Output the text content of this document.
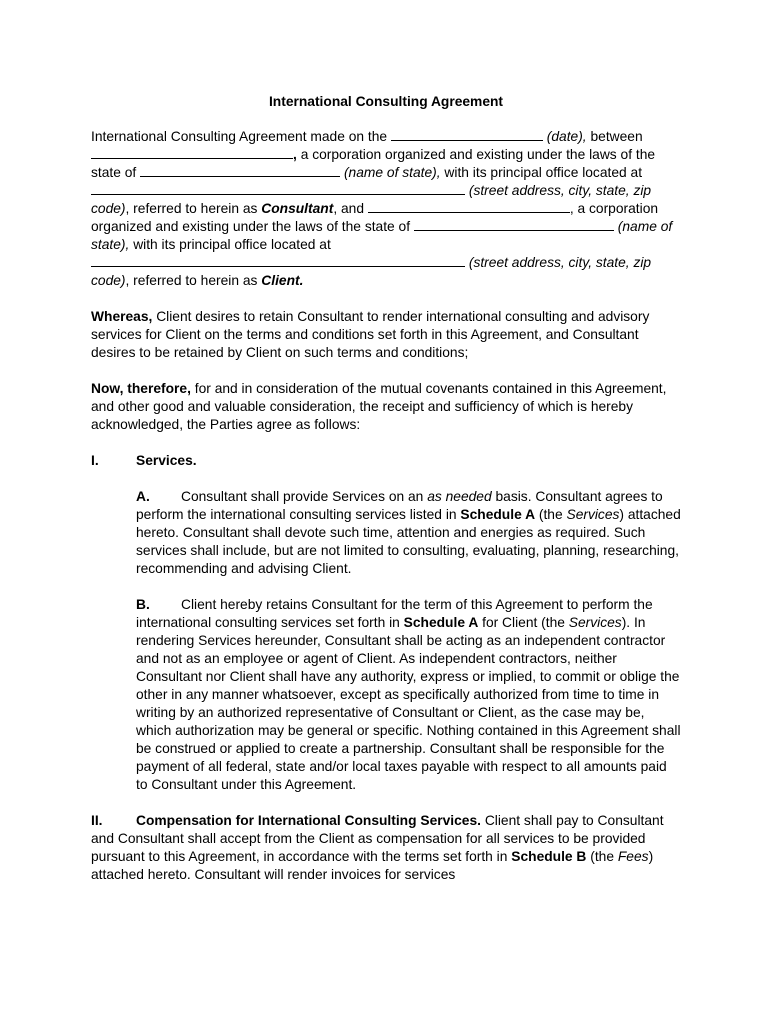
International Consulting Agreement

International Consulting Agreement made on the	(date), between , a corporation organized and existing under the laws of the state of	(name of state), with its principal office located at  (street address, city, state, zip code), referred to herein as Consultant, and	, a corporation organized and existing under the laws of the state of	(name of state), with its principal office located at  (street address, city, state, zip code), referred to herein as Client.

Whereas, Client desires to retain Consultant to render international consulting and advisory services for Client on the terms and conditions set forth in this Agreement, and Consultant desires to be retained by Client on such terms and conditions;

Now, therefore, for and in consideration of the mutual covenants contained in this Agreement, and other good and valuable consideration, the receipt and sufficiency of which is hereby acknowledged, the Parties agree as follows:

I.	Services.

A. Consultant shall provide Services on an as needed basis. Consultant agrees to perform the international consulting services listed in Schedule A (the Services) attached hereto. Consultant shall devote such time, attention and energies as required. Such services shall include, but are not limited to consulting, evaluating, planning, researching, recommending and advising Client.

B. Client hereby retains Consultant for the term of this Agreement to perform the international consulting services set forth in Schedule A for Client (the Services). In rendering Services hereunder, Consultant shall be acting as an independent contractor and not as an employee or agent of Client. As independent contractors, neither Consultant nor Client shall have any authority, express or implied, to commit or oblige the other in any manner whatsoever, except as specifically authorized from time to time in writing by an authorized representative of Consultant or Client, as the case may be, which authorization may be general or specific. Nothing contained in this Agreement shall be construed or applied to create a partnership. Consultant shall be responsible for the payment of all federal, state and/or local taxes payable with respect to all amounts paid to Consultant under this Agreement.

II. Compensation for International Consulting Services. Client shall pay to Consultant and Consultant shall accept from the Client as compensation for all services to be provided pursuant to this Agreement, in accordance with the terms set forth in Schedule B (the Fees) attached hereto. Consultant will render invoices for services
